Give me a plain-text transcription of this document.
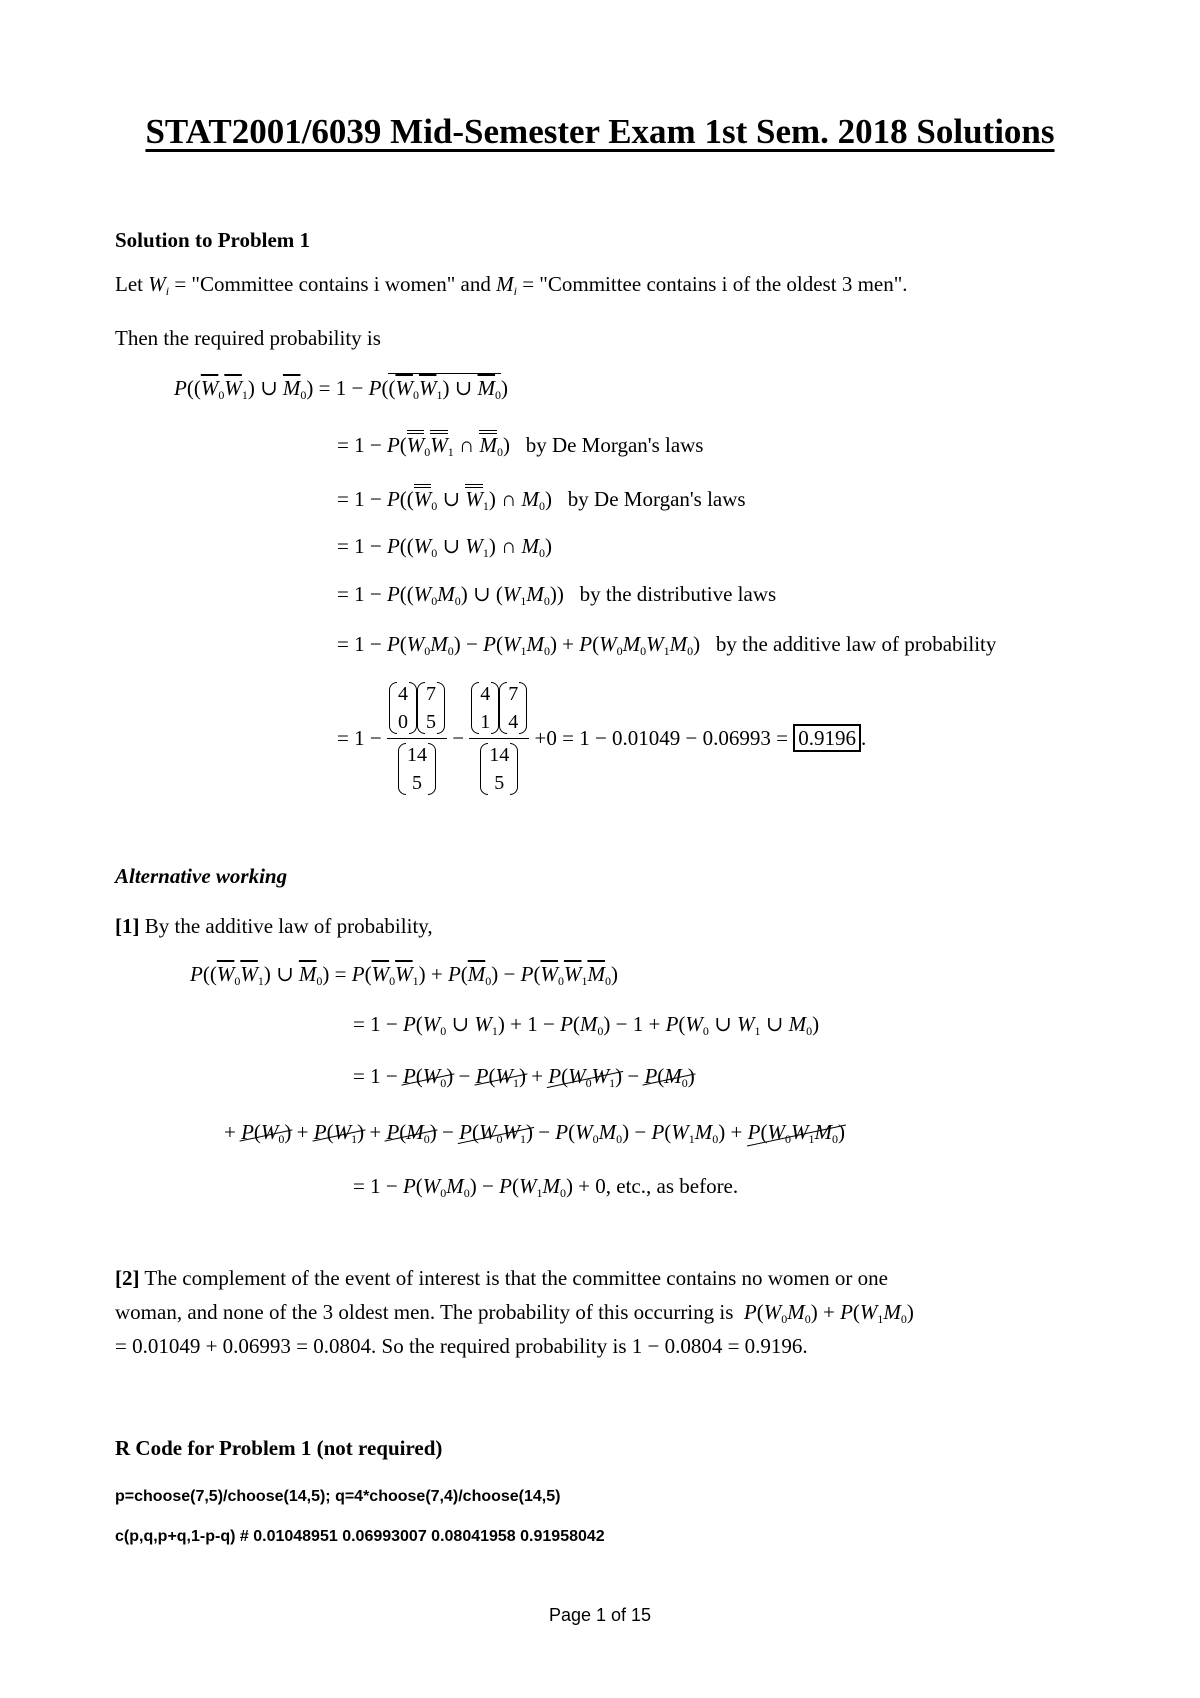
STAT2001/6039 Mid-Semester Exam 1st Sem. 2018 Solutions
Solution to Problem 1
Let $W_i$ = "Committee contains i women" and $M_i$ = "Committee contains i of the oldest 3 men".
Then the required probability is
$P((\overline{W}_0\overline{W}_1)$ ∪ $\overline{M}_0) = 1 - P((\overline{W}_0\overline{W}_1)$ ∪ $\overline{M}_0$)
= $1 - P(W_0W_1$ ∩ $M_0$)   by De Morgan's laws
= $1 - P((W_0$ ∪ $W_1$) ∩ $M_0$)   by De Morgan's laws
= $1 - P((W_0$ ∪ $W_1$) ∩ $M_0$)
= $1 - P((W_0M_0)$ ∪ $(W_1M_0)$)   by the distributive laws
= $1 - P(W_0M_0) - P(W_1M_0) + P(W_0M_0W_1M_0)$   by the additive law of probability
= 1 −
4
07
5
14
5
−
4
17
4
14
5
+0 = 1 − 0.01049 − 0.06993 = 0.9196 .
Alternative working
[1] By the additive law of probability,
$P((\overline{W}_0\overline{W}_1)$ ∪ $\overline{M}_0) = P(\overline{W}_0\overline{W}_1) + P(\overline{M}_0) - P(\overline{W}_0\overline{W}_1\overline{M}_0)$
= $1 - P(W_0$ ∪ $W_1) + 1 - P(M_0) - 1 + P(W_0$ ∪ $W_1$ ∪ $M_0$)
= $1 - P(W_0) - P(W_1) + P(W_0W_1) - P(M_0)$
+ $P(W_0) + P(W_1) + P(M_0) - P(W_0W_1) - P(W_0M_0) - P(W_1M_0) + P(W_0W_1M_0)$
= $1 - P(W_0M_0) - P(W_1M_0) + 0$, etc., as before.
[2] The complement of the event of interest is that the committee contains no women or one
woman, and none of the 3 oldest men. The probability of this occurring is $P(W_0M_0) + P(W_1M_0)$
= 0.01049 + 0.06993 = 0.0804. So the required probability is 1 − 0.0804 = 0.9196.
R Code for Problem 1 (not required)
p=choose(7,5)/choose(14,5); q=4*choose(7,4)/choose(14,5)
c(p,q,p+q,1-p-q) # 0.01048951 0.06993007 0.08041958 0.91958042
Page 1 of 15
